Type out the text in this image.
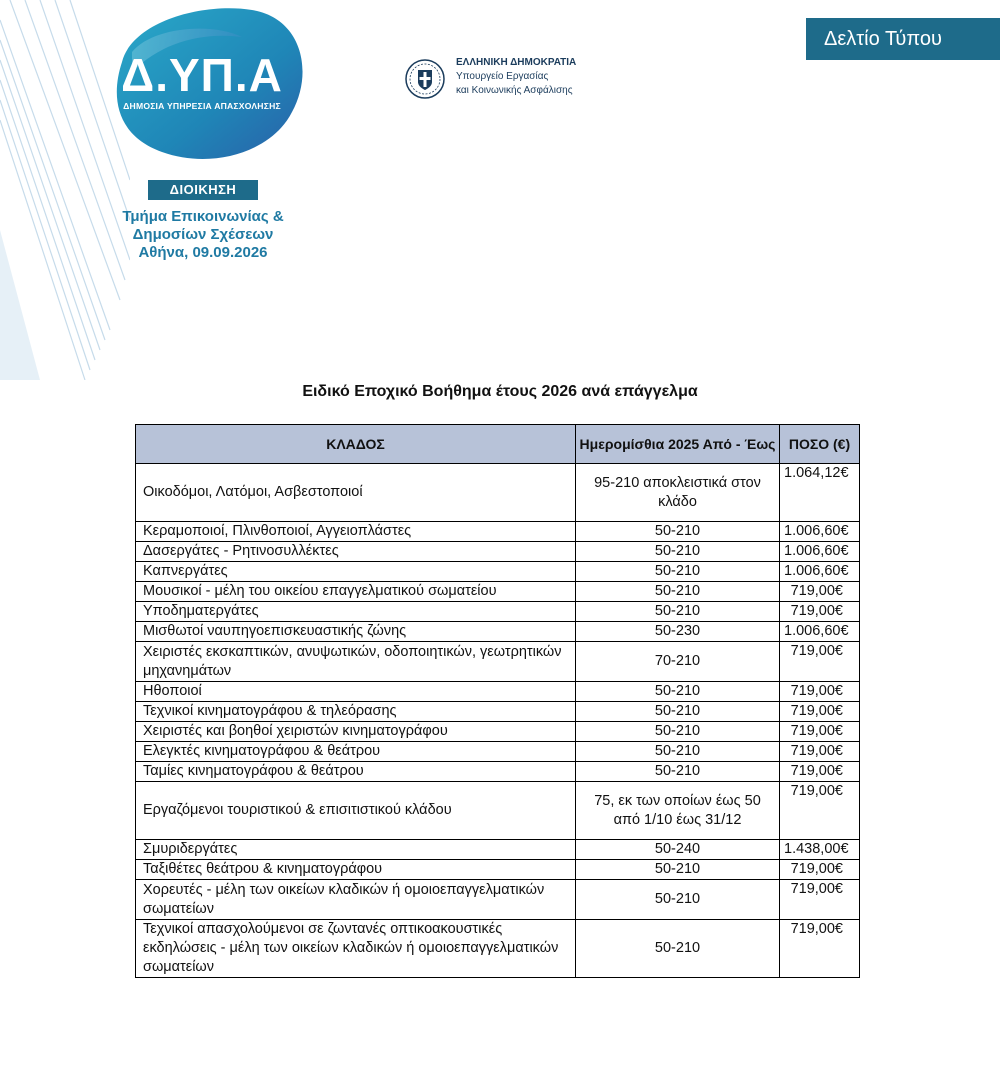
Δ.ΥΠ.Α
ΔΗΜΟΣΙΑ ΥΠΗΡΕΣΙΑ ΑΠΑΣΧΟΛΗΣΗΣ
ΔΙΟΙΚΗΣΗ
Τμήμα Επικοινωνίας &
Δημοσίων Σχέσεων
Αθήνα, 09.09.2026
ΕΛΛΗΝΙΚΗ ΔΗΜΟΚΡΑΤΙΑ
Υπουργείο Εργασίας
και Κοινωνικής Ασφάλισης
Δελτίο Τύπου
Ειδικό Εποχικό Βοήθημα έτους 2026 ανά επάγγελμα
ΚΛΑΔΟΣ	Ημερομίσθια 2025 Από - Έως	ΠΟΣΟ (€)
Οικοδόμοι, Λατόμοι, Ασβεστοποιοί	95-210 αποκλειστικά στον κλάδο	1.064,12€
Κεραμοποιοί, Πλινθοποιοί, Αγγειοπλάστες	50-210	1.006,60€
Δασεργάτες - Ρητινοσυλλέκτες	50-210	1.006,60€
Καπνεργάτες	50-210	1.006,60€
Μουσικοί - μέλη του οικείου επαγγελματικού σωματείου	50-210	719,00€
Υποδηματεργάτες	50-210	719,00€
Μισθωτοί ναυπηγοεπισκευαστικής ζώνης	50-230	1.006,60€
Χειριστές εκσκαπτικών, ανυψωτικών, οδοποιητικών, γεωτρητικών μηχανημάτων	70-210	719,00€
Ηθοποιοί	50-210	719,00€
Τεχνικοί κινηματογράφου & τηλεόρασης	50-210	719,00€
Χειριστές και βοηθοί χειριστών κινηματογράφου	50-210	719,00€
Ελεγκτές κινηματογράφου & θεάτρου	50-210	719,00€
Ταμίες κινηματογράφου & θεάτρου	50-210	719,00€
Εργαζόμενοι τουριστικού & επισιτιστικού κλάδου	75, εκ των οποίων έως 50 από 1/10 έως 31/12	719,00€
Σμυριδεργάτες	50-240	1.438,00€
Ταξιθέτες θεάτρου & κινηματογράφου	50-210	719,00€
Χορευτές - μέλη των οικείων κλαδικών ή ομοιοεπαγγελματικών σωματείων	50-210	719,00€
Τεχνικοί απασχολούμενοι σε ζωντανές οπτικοακουστικές εκδηλώσεις - μέλη των οικείων κλαδικών ή ομοιοεπαγγελματικών σωματείων	50-210	719,00€
